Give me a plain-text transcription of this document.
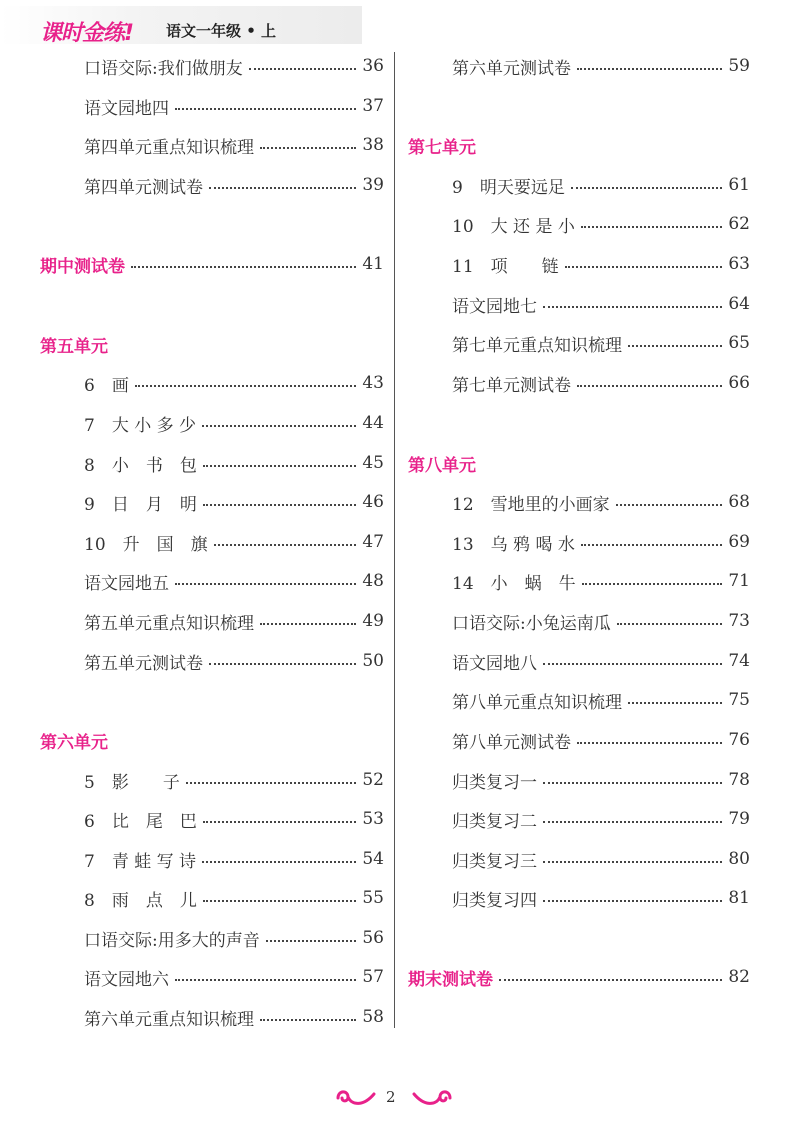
课时金练! 语文一年级 • 上
口语交际:我们做朋友	36
语文园地四	37
第四单元重点知识梳理	38
第四单元测试卷	39
期中测试卷	41
第五单元
6　画	43
7　大 小 多 少	44
8　小　书　包	45
9　日　月　明	46
10　升　国　旗	47
语文园地五	48
第五单元重点知识梳理	49
第五单元测试卷	50
第六单元
5　影　　子	52
6　比　尾　巴	53
7　青 蛙 写 诗	54
8　雨　点　儿	55
口语交际:用多大的声音	56
语文园地六	57
第六单元重点知识梳理	58
第六单元测试卷	59
第七单元
9　明天要远足	61
10　大 还 是 小	62
11　项　　链	63
语文园地七	64
第七单元重点知识梳理	65
第七单元测试卷	66
第八单元
12　雪地里的小画家	68
13　乌 鸦 喝 水	69
14　小　蜗　牛	71
口语交际:小兔运南瓜	73
语文园地八	74
第八单元重点知识梳理	75
第八单元测试卷	76
归类复习一	78
归类复习二	79
归类复习三	80
归类复习四	81
期末测试卷	82
2
